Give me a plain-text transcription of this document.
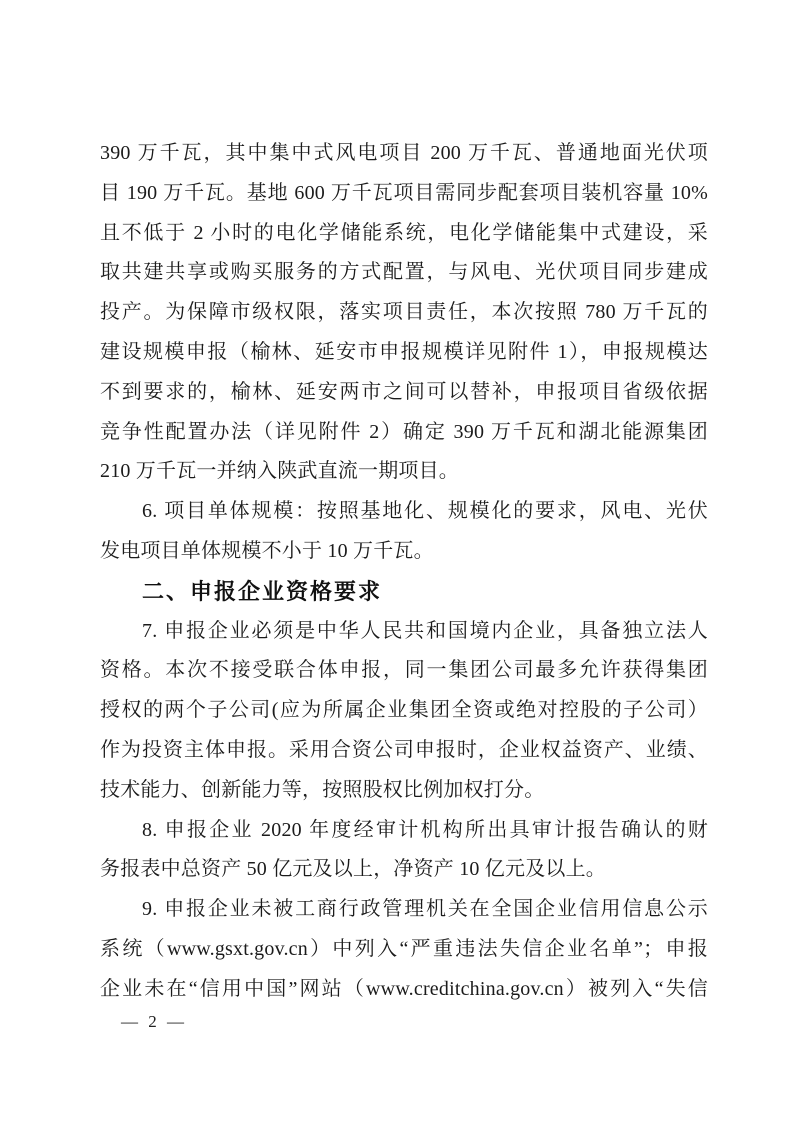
390 万千瓦，其中集中式风电项目 200 万千瓦、普通地面光伏项
目 190 万千瓦。基地 600 万千瓦项目需同步配套项目装机容量 10%
且不低于 2 小时的电化学储能系统，电化学储能集中式建设，采
取共建共享或购买服务的方式配置，与风电、光伏项目同步建成
投产。为保障市级权限，落实项目责任，本次按照 780 万千瓦的
建设规模申报（榆林、延安市申报规模详见附件 1），申报规模达
不到要求的，榆林、延安两市之间可以替补，申报项目省级依据
竞争性配置办法（详见附件 2）确定 390 万千瓦和湖北能源集团
210 万千瓦一并纳入陕武直流一期项目。
6. 项目单体规模：按照基地化、规模化的要求，风电、光伏
发电项目单体规模不小于 10 万千瓦。
二、申报企业资格要求
7. 申报企业必须是中华人民共和国境内企业，具备独立法人
资格。本次不接受联合体申报，同一集团公司最多允许获得集团
授权的两个子公司(应为所属企业集团全资或绝对控股的子公司）
作为投资主体申报。采用合资公司申报时，企业权益资产、业绩、
技术能力、创新能力等，按照股权比例加权打分。
8. 申报企业 2020 年度经审计机构所出具审计报告确认的财
务报表中总资产 50 亿元及以上，净资产 10 亿元及以上。
9. 申报企业未被工商行政管理机关在全国企业信用信息公示
系统（www.gsxt.gov.cn）中列入“严重违法失信企业名单”；申报
企业未在“信用中国”网站（www.creditchina.gov.cn）被列入“失信
— 2 —
